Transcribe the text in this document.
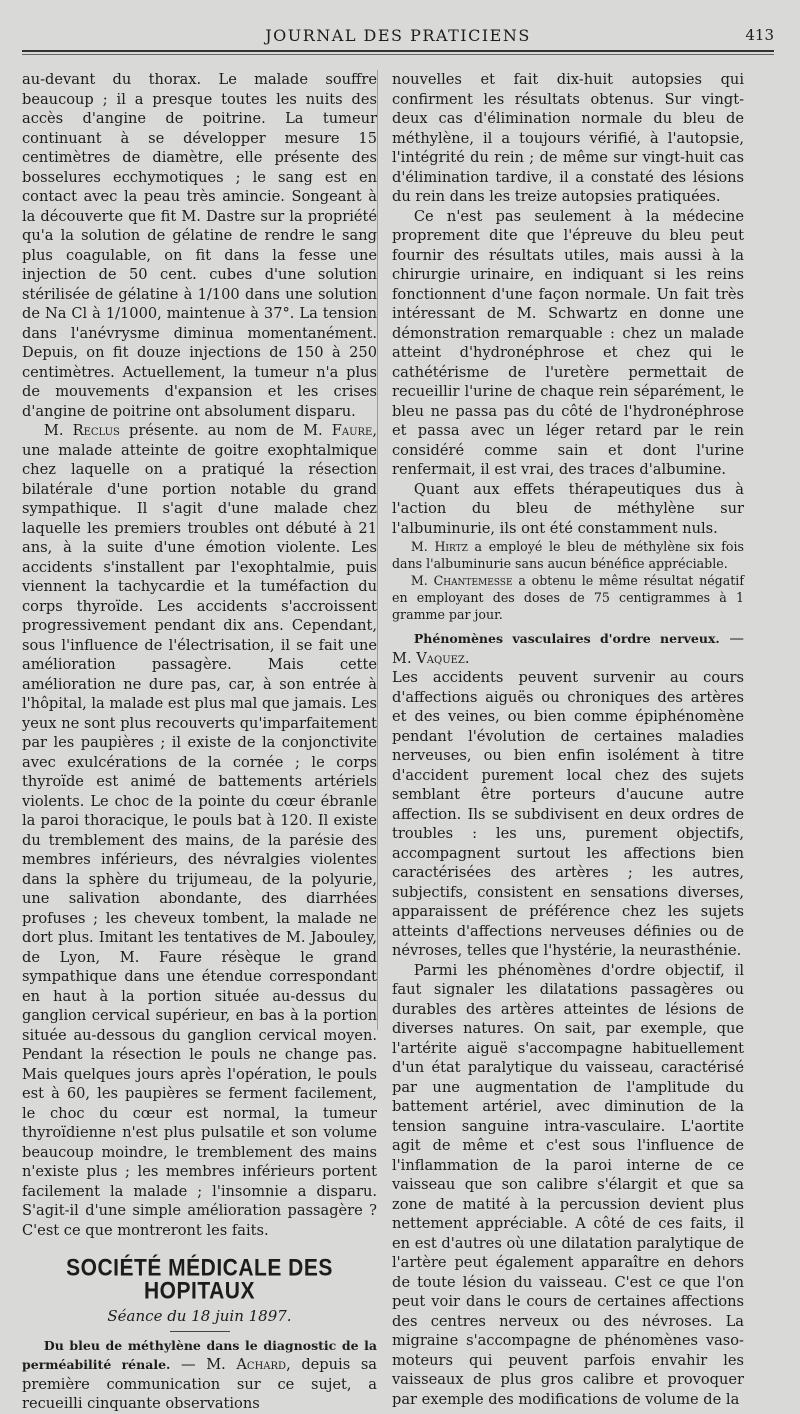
JOURNAL DES PRATICIENS	413

au-devant du thorax. Le malade souffre beaucoup ; il a presque toutes les nuits des accès d'angine de poitrine. La tumeur continuant à se développer mesure 15 centimètres de diamètre, elle présente des bosselures ecchymotiques ; le sang est en contact avec la peau très amincie. Songeant à la découverte que fit M. Dastre sur la propriété qu'a la solution de gélatine de rendre le sang plus coagulable, on fit dans la fesse une injection de 50 cent. cubes d'une solution stérilisée de gélatine à 1/100 dans une solution de Na Cl à 1/1000, maintenue à 37°. La tension dans l'anévrysme diminua momentanément. Depuis, on fit douze injections de 150 à 250 centimètres. Actuellement, la tumeur n'a plus de mouvements d'expansion et les crises d'angine de poitrine ont absolument disparu.

M. Reclus présente. au nom de M. Faure, une malade atteinte de goitre exophtalmique chez laquelle on a pratiqué la résection bilatérale d'une portion notable du grand sympathique. Il s'agit d'une malade chez laquelle les premiers troubles ont débuté à 21 ans, à la suite d'une émotion violente. Les accidents s'installent par l'exophtalmie, puis viennent la tachycardie et la tuméfaction du corps thyroïde. Les accidents s'accroissent progressivement pendant dix ans. Cependant, sous l'influence de l'électrisation, il se fait une amélioration passagère. Mais cette amélioration ne dure pas, car, à son entrée à l'hôpital, la malade est plus mal que jamais. Les yeux ne sont plus recouverts qu'imparfaitement par les paupières ; il existe de la conjonctivite avec exulcérations de la cornée ; le corps thyroïde est animé de battements artériels violents. Le choc de la pointe du cœur ébranle la paroi thoracique, le pouls bat à 120. Il existe du tremblement des mains, de la parésie des membres inférieurs, des névralgies violentes dans la sphère du trijumeau, de la polyurie, une salivation abondante, des diarrhées profuses ; les cheveux tombent, la malade ne dort plus. Imitant les tentatives de M. Jabouley, de Lyon, M. Faure résèque le grand sympathique dans une étendue correspondant en haut à la portion située au-dessus du ganglion cervical supérieur, en bas à la portion située au-dessous du ganglion cervical moyen. Pendant la résection le pouls ne change pas. Mais quelques jours après l'opération, le pouls est à 60, les paupières se ferment facilement, le choc du cœur est normal, la tumeur thyroïdienne n'est plus pulsatile et son volume beaucoup moindre, le tremblement des mains n'existe plus ; les membres inférieurs portent facilement la malade ; l'insomnie a disparu. S'agit-il d'une simple amélioration passagère ? C'est ce que montreront les faits.

SOCIÉTÉ MÉDICALE DES HOPITAUX
Séance du 18 juin 1897.

Du bleu de méthylène dans le diagnostic de la perméabilité rénale. — M. Achard, depuis sa première communication sur ce sujet, a recueilli cinquante observations

nouvelles et fait dix-huit autopsies qui confirment les résultats obtenus. Sur vingt-deux cas d'élimination normale du bleu de méthylène, il a toujours vérifié, à l'autopsie, l'intégrité du rein ; de même sur vingt-huit cas d'élimination tardive, il a constaté des lésions du rein dans les treize autopsies pratiquées.

Ce n'est pas seulement à la médecine proprement dite que l'épreuve du bleu peut fournir des résultats utiles, mais aussi à la chirurgie urinaire, en indiquant si les reins fonctionnent d'une façon normale. Un fait très intéressant de M. Schwartz en donne une démonstration remarquable : chez un malade atteint d'hydronéphrose et chez qui le cathétérisme de l'uretère permettait de recueillir l'urine de chaque rein séparément, le bleu ne passa pas du côté de l'hydronéphrose et passa avec un léger retard par le rein considéré comme sain et dont l'urine renfermait, il est vrai, des traces d'albumine.

Quant aux effets thérapeutiques dus à l'action du bleu de méthylène sur l'albuminurie, ils ont été constamment nuls.

M. Hirtz a employé le bleu de méthylène six fois dans l'albuminurie sans aucun bénéfice appréciable.

M. Chantemesse a obtenu le même résultat négatif en employant des doses de 75 centigrammes à 1 gramme par jour.

Phénomènes vasculaires d'ordre nerveux. — M. Vaquez.

Les accidents peuvent survenir au cours d'affections aiguës ou chroniques des artères et des veines, ou bien comme épiphénomène pendant l'évolution de certaines maladies nerveuses, ou bien enfin isolément à titre d'accident purement local chez des sujets semblant être porteurs d'aucune autre affection. Ils se subdivisent en deux ordres de troubles : les uns, purement objectifs, accompagnent surtout les affections bien caractérisées des artères ; les autres, subjectifs, consistent en sensations diverses, apparaissent de préférence chez les sujets atteints d'affections nerveuses définies ou de névroses, telles que l'hystérie, la neurasthénie.

Parmi les phénomènes d'ordre objectif, il faut signaler les dilatations passagères ou durables des artères atteintes de lésions de diverses natures. On sait, par exemple, que l'artérite aiguë s'accompagne habituellement d'un état paralytique du vaisseau, caractérisé par une augmentation de l'amplitude du battement artériel, avec diminution de la tension sanguine intra-vasculaire. L'aortite agit de même et c'est sous l'influence de l'inflammation de la paroi interne de ce vaisseau que son calibre s'élargit et que sa zone de matité à la percussion devient plus nettement appréciable. A côté de ces faits, il en est d'autres où une dilatation paralytique de l'artère peut également apparaître en dehors de toute lésion du vaisseau. C'est ce que l'on peut voir dans le cours de certaines affections des centres nerveux ou des névroses. La migraine s'accompagne de phénomènes vaso-moteurs qui peuvent parfois envahir les vaisseaux de plus gros calibre et provoquer par exemple des modifications de volume de la
